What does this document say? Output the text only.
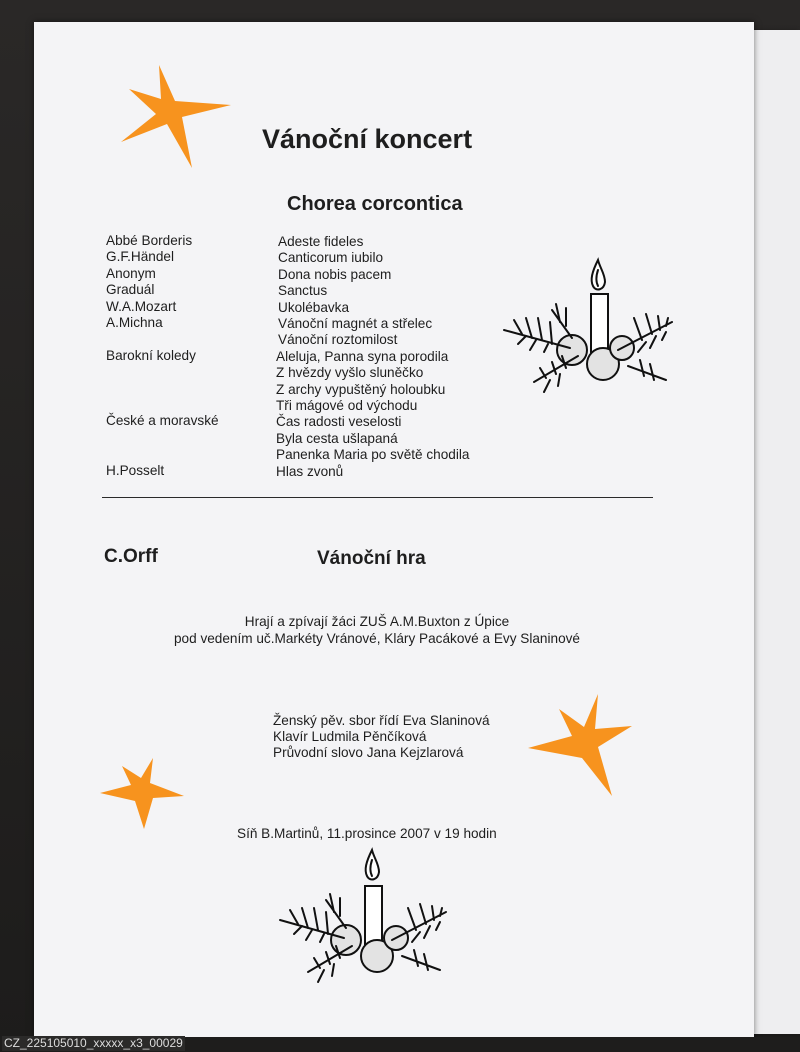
Vánoční koncert
Chorea corcontica
Abbé Borderis
G.F.Händel
Anonym
Graduál
W.A.Mozart
A.Michna
Barokní koledy
České a moravské
H.Posselt
Adeste fideles
Canticorum iubilo
Dona nobis pacem
Sanctus
Ukolébavka
Vánoční magnét a střelec
Vánoční roztomilost
Aleluja, Panna syna porodila
Z hvězdy vyšlo sluněčko
Z archy vypuštěný holoubku
Tři mágové od východu
Čas radosti veselosti
Byla cesta ušlapaná
Panenka Maria po světě chodila
Hlas zvonů
C.Orff	Vánoční hra
Hrají a zpívají žáci ZUŠ A.M.Buxton z Úpice
pod vedením uč.Markéty Vránové, Kláry Pacákové a Evy Slaninové
Ženský pěv. sbor řídí Eva Slaninová
Klavír Ludmila Pěnčíková
Průvodní slovo Jana Kejzlarová
Síň B.Martinů, 11.prosince 2007 v 19 hodin
CZ_225105010_xxxxx_x3_00029
